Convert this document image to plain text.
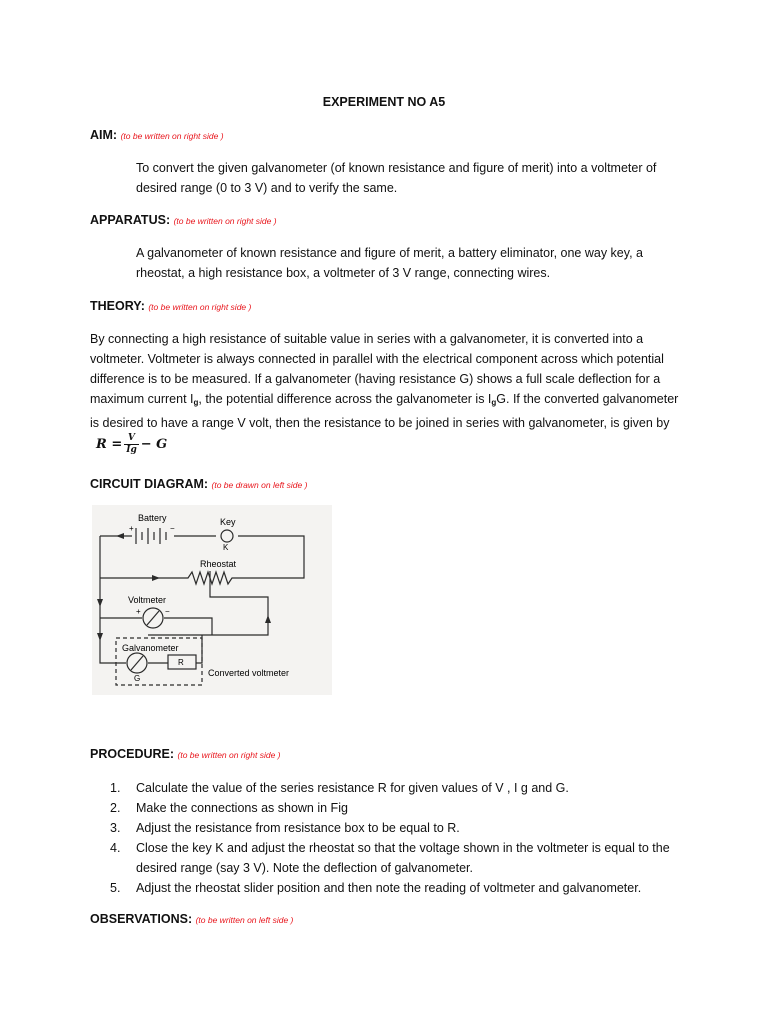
EXPERIMENT NO A5
AIM: (to be written on right side )

To convert the given galvanometer (of known resistance and figure of merit) into a voltmeter of desired range (0 to 3 V) and to verify the same.

APPARATUS: (to be written on right side )

A galvanometer of known resistance and figure of merit, a battery eliminator, one way key, a rheostat, a high resistance box, a voltmeter of 3 V range, connecting wires.

THEORY: (to be written on right side )

By connecting a high resistance of suitable value in series with a galvanometer, it is converted into a voltmeter. Voltmeter is always connected in parallel with the electrical component across which potential difference is to be measured. If a galvanometer (having resistance G) shows a full scale deflection for a maximum current $I_g$, the potential difference across the galvanometer is $I_gG$. If the converted galvanometer is desired to have a range V volt, then the resistance to be joined in series with galvanometer, is given byR = $\frac{V}{Ig} - G$

CIRCUIT DIAGRAM: (to be drawn on left side )
Battery
+	−
Key
K
Rheostat
Voltmeter
+	−
Galvanometer
R
G
Converted voltmeter
PROCEDURE: (to be written on right side )
1. Calculate the value of the series resistance R for given values of V , I g and G.
2. Make the connections as shown in Fig
3. Adjust the resistance from resistance box to be equal to R.
4. Close the key K and adjust the rheostat so that the voltage shown in the voltmeter is equal to the desired range (say 3 V). Note the deflection of galvanometer.
5. Adjust the rheostat slider position and then note the reading of voltmeter and galvanometer.
OBSERVATIONS: (to be written on left side )
